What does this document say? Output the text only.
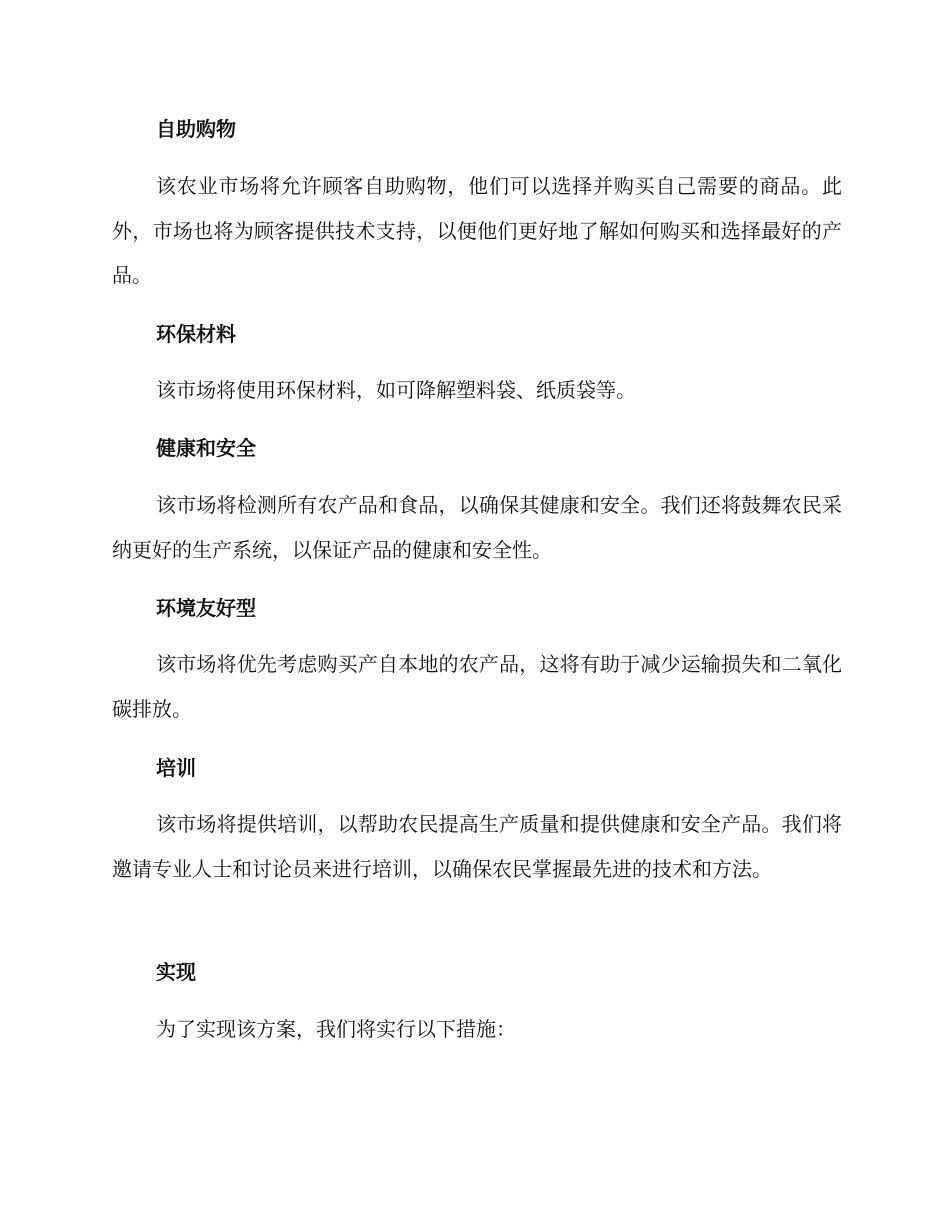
自助购物
该农业市场将允许顾客自助购物，他们可以选择并购买自己需要的商品。此外，市场也将为顾客提供技术支持，以便他们更好地了解如何购买和选择最好的产品。
环保材料
该市场将使用环保材料，如可降解塑料袋、纸质袋等。
健康和安全
该市场将检测所有农产品和食品，以确保其健康和安全。我们还将鼓舞农民采纳更好的生产系统，以保证产品的健康和安全性。
环境友好型
该市场将优先考虑购买产自本地的农产品，这将有助于减少运输损失和二氧化碳排放。
培训
该市场将提供培训，以帮助农民提高生产质量和提供健康和安全产品。我们将邀请专业人士和讨论员来进行培训，以确保农民掌握最先进的技术和方法。
实现
为了实现该方案，我们将实行以下措施：
